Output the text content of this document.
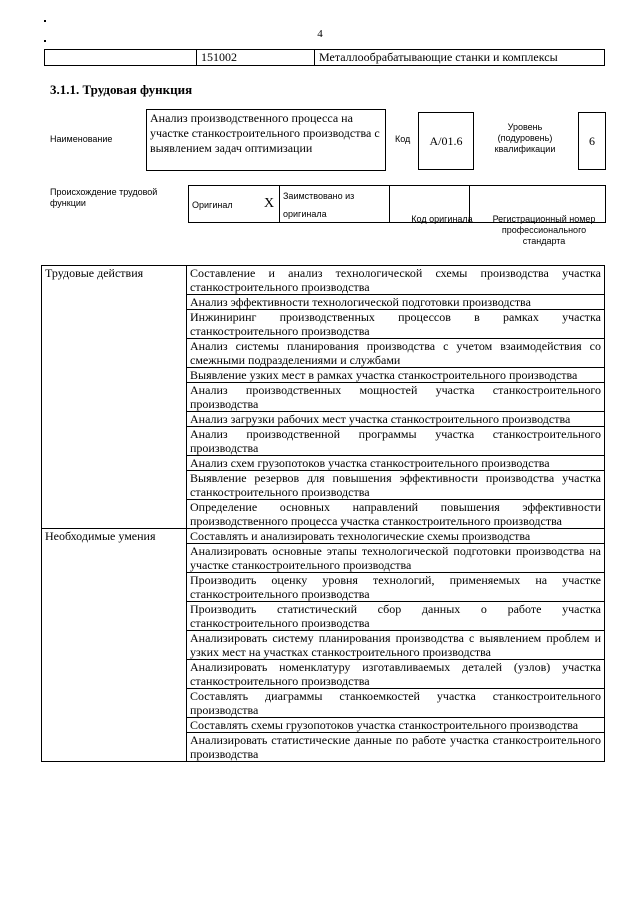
4
	151002	Металлообрабатывающие станки и комплексы
3.1.1. Трудовая функция
Наименование
Анализ производственного процесса на участке станкостроительного производства с выявлением задач оптимизации
Код	A/01.6
Уровень (подуровень) квалификации
6
Происхождение трудовой функции	Оригинал	X	Заимствовано из оригинала			Код оригинала	Регистрационный номер профессионального стандарта
Трудовые действия	Составление и анализ технологической схемы производства участка станкостроительного производства
	Анализ эффективности технологической подготовки производства
	Инжиниринг производственных процессов в рамках участка станкостроительного производства
	Анализ системы планирования производства с учетом взаимодействия со смежными подразделениями и службами
	Выявление узких мест в рамках участка станкостроительного производства
	Анализ производственных мощностей участка станкостроительного производства
	Анализ загрузки рабочих мест участка станкостроительного производства
	Анализ производственной программы участка станкостроительного производства
	Анализ схем грузопотоков участка станкостроительного производства
	Выявление резервов для повышения эффективности производства участка станкостроительного производства
	Определение основных направлений повышения эффективности производственного процесса участка станкостроительного производства
Необходимые умения	Составлять и анализировать технологические схемы производства
	Анализировать основные этапы технологической подготовки производства на участке станкостроительного производства
	Производить оценку уровня технологий, применяемых на участке станкостроительного производства
	Производить статистический сбор данных о работе участка станкостроительного производства
	Анализировать систему планирования производства с выявлением проблем и узких мест на участках станкостроительного производства
	Анализировать номенклатуру изготавливаемых деталей (узлов) участка станкостроительного производства
	Составлять диаграммы станкоемкостей участка станкостроительного производства
	Составлять схемы грузопотоков участка станкостроительного производства
	Анализировать статистические данные по работе участка станкостроительного производства
